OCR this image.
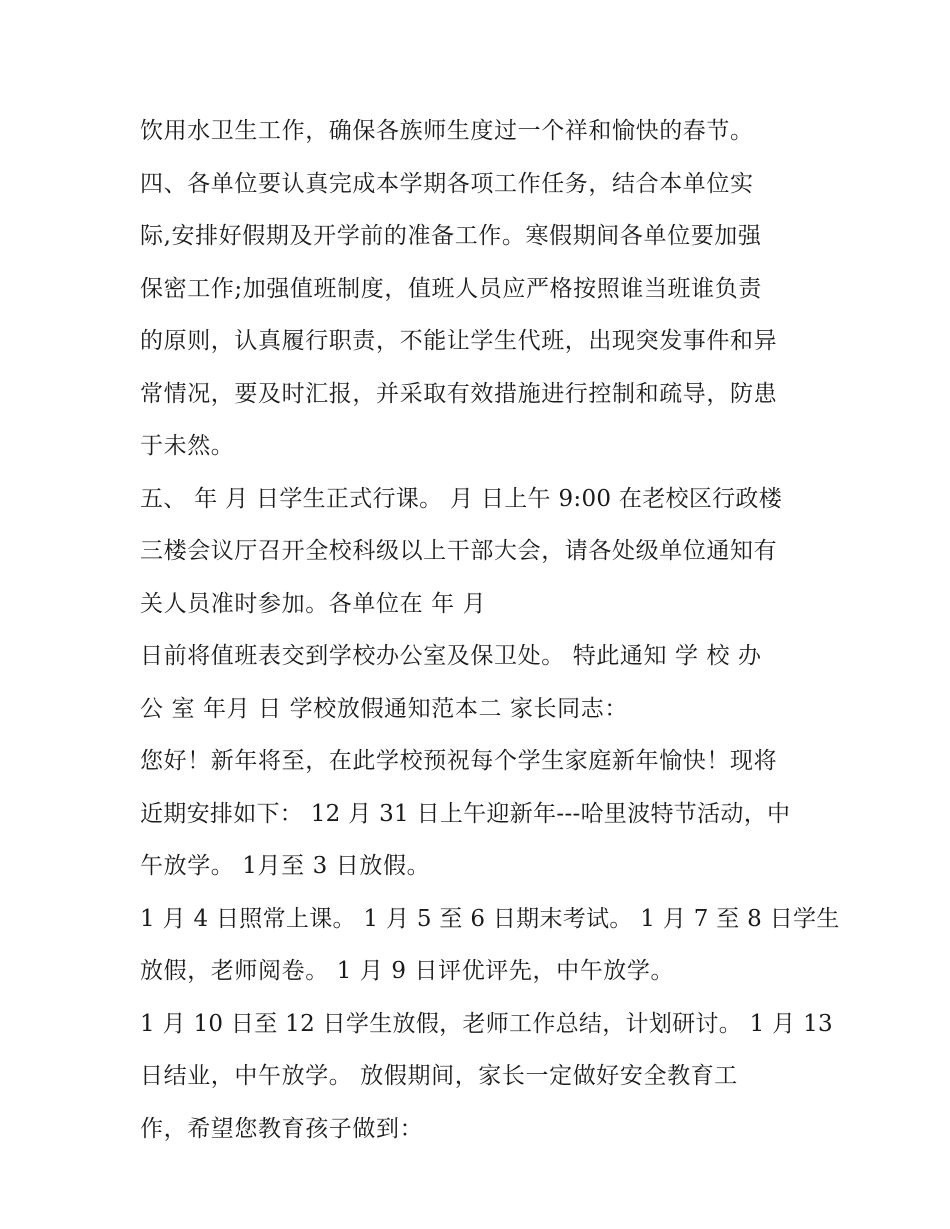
饮用水卫生工作，确保各族师生度过一个祥和愉快的春节。
四、各单位要认真完成本学期各项工作任务，结合本单位实
际,安排好假期及开学前的准备工作。寒假期间各单位要加强
保密工作;加强值班制度，值班人员应严格按照谁当班谁负责
的原则，认真履行职责，不能让学生代班，出现突发事件和异
常情况，要及时汇报，并采取有效措施进行控制和疏导，防患
于未然。
五、 年 月 日学生正式行课。 月 日上午 9:00 在老校区行政楼
三楼会议厅召开全校科级以上干部大会，请各处级单位通知有
关人员准时参加。各单位在 年 月
日前将值班表交到学校办公室及保卫处。 特此通知 学 校 办
公 室 年月 日 学校放假通知范本二 家长同志：
您好！新年将至，在此学校预祝每个学生家庭新年愉快！现将
近期安排如下： 12 月 31 日上午迎新年---哈里波特节活动，中
午放学。 1月至 3 日放假。
1 月 4 日照常上课。 1 月 5 至 6 日期末考试。 1 月 7 至 8 日学生
放假，老师阅卷。 1 月 9 日评优评先，中午放学。
1 月 10 日至 12 日学生放假，老师工作总结，计划研讨。 1 月 13
日结业，中午放学。 放假期间，家长一定做好安全教育工
作，希望您教育孩子做到：
